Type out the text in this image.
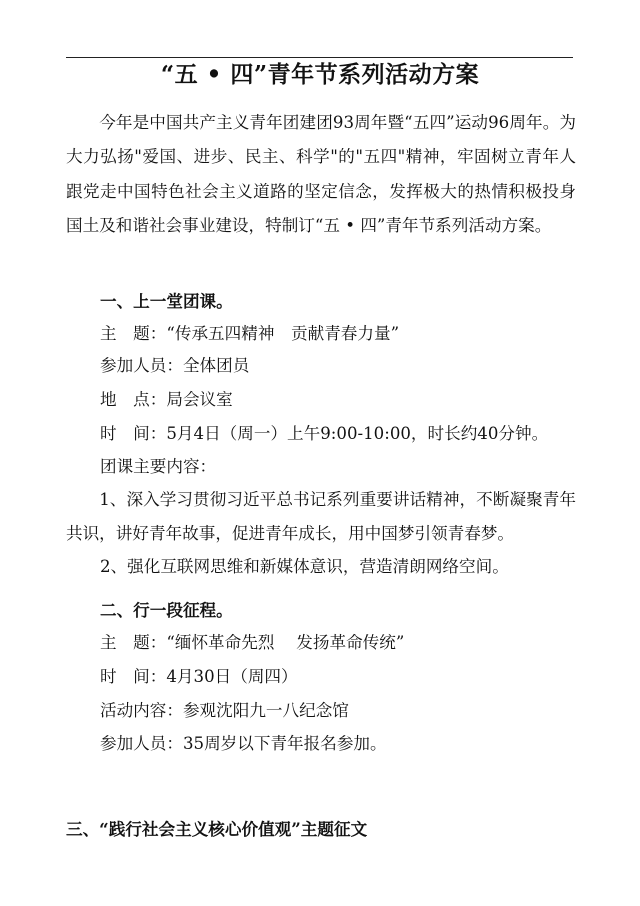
“五 • 四”青年节系列活动方案
今年是中国共产主义青年团建团93周年暨“五四”运动96周年。为大力弘扬"爱国、进步、民主、科学"的"五四"精神，牢固树立青年人跟党走中国特色社会主义道路的坚定信念，发挥极大的热情积极投身国土及和谐社会事业建设，特制订“五 • 四”青年节系列活动方案。
一、上一堂团课。
主　题：“传承五四精神　贡献青春力量”
参加人员：全体团员
地　点：局会议室
时　间：5月4日（周一）上午9:00-10:00，时长约40分钟。
团课主要内容：
1、深入学习贯彻习近平总书记系列重要讲话精神，不断凝聚青年共识，讲好青年故事，促进青年成长，用中国梦引领青春梦。
2、强化互联网思维和新媒体意识，营造清朗网络空间。
二、行一段征程。
主　题：“缅怀革命先烈　 发扬革命传统”
时　间：4月30日（周四）
活动内容：参观沈阳九一八纪念馆
参加人员：35周岁以下青年报名参加。
三、“践行社会主义核心价值观”主题征文
